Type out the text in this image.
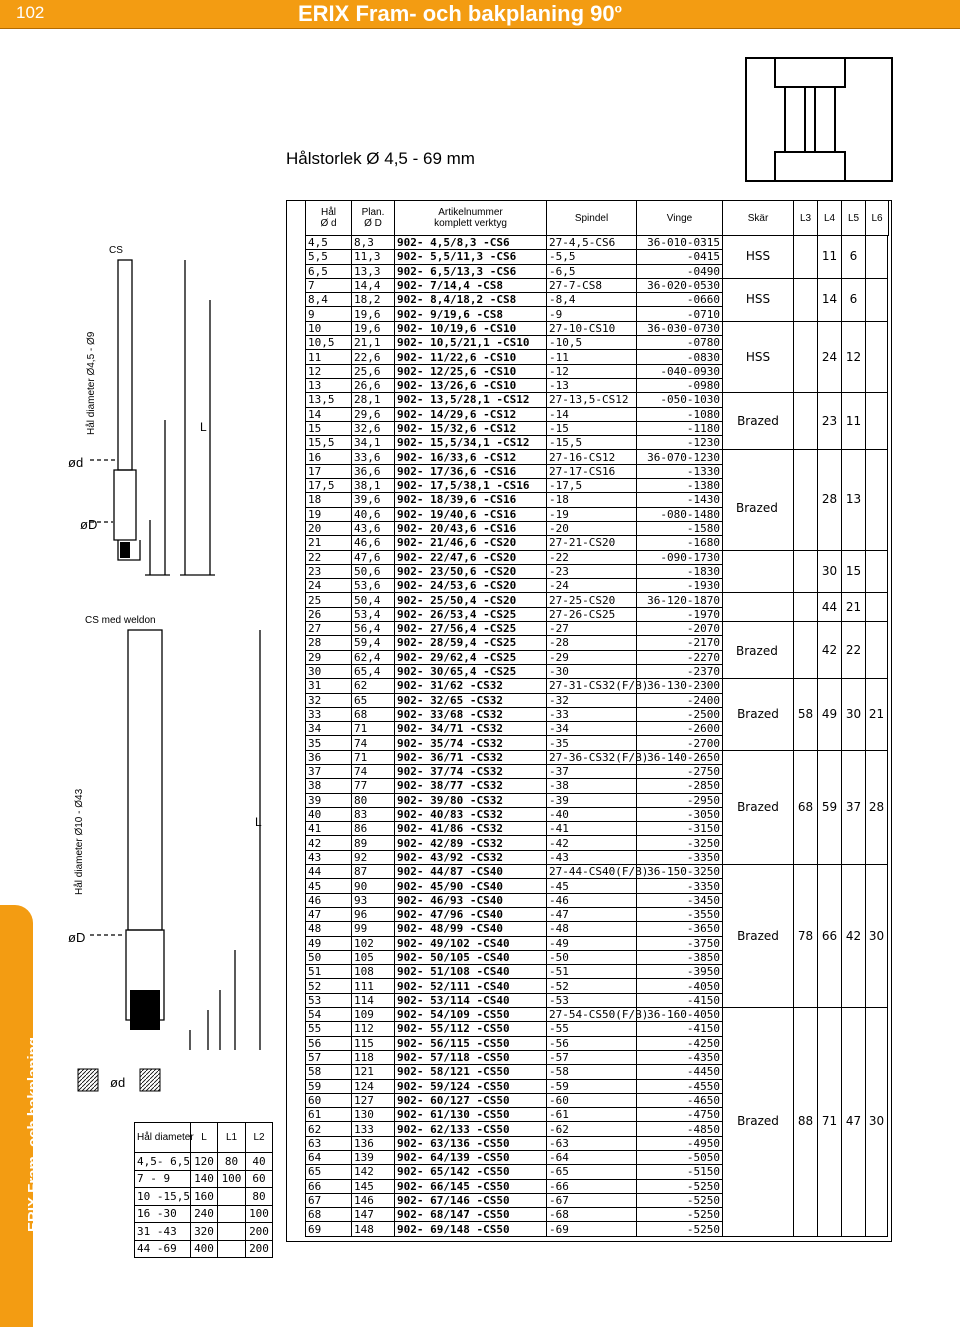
102	ERIX Fram- och bakplaning 90$^o$
ERIX Fram- och bakplaning
Hålstorlek Ø 4,5 - 69 mm
CS
Hål diameter Ø4,5 - Ø9
ød
øD
CS med weldon
Hål diameter Ø10 - Ø43
øD
ød
L
L
Hål diameter	L	L1	L2
4,5- 6,5	120	80	40
7 - 9	140	100	60
10 -15,5	160		80
16 -30	240		100
31 -43	320		200
44 -69	400		200
Hål
Ø d
Plan.
Ø D
Artikelnummer
komplett verktyg	Spindel	Vinge	Skär	L3	L4	L5	L6
4,5	8,3	902- 4,5/8,3 -CS6	27-4,5-CS6	36-010-0315	HSS		11	6	
5,5	11,3	902- 5,5/11,3 -CS6	-5,5	-0415					
6,5	13,3	902- 6,5/13,3 -CS6	-6,5	-0490					
7	14,4	902- 7/14,4 -CS8	27-7-CS8	36-020-0530	HSS		14	6	
8,4	18,2	902- 8,4/18,2 -CS8	-8,4	-0660					
9	19,6	902- 9/19,6 -CS8	-9	-0710					
10	19,6	902- 10/19,6 -CS10	27-10-CS10	36-030-0730	HSS		24	12	
10,5	21,1	902- 10,5/21,1 -CS10	-10,5	-0780					
11	22,6	902- 11/22,6 -CS10	-11	-0830					
12	25,6	902- 12/25,6 -CS10	-12	-040-0930					
13	26,6	902- 13/26,6 -CS10	-13	-0980					
13,5	28,1	902- 13,5/28,1 -CS12	27-13,5-CS12	-050-1030	Brazed		23	11	
14	29,6	902- 14/29,6 -CS12	-14	-1080					
15	32,6	902- 15/32,6 -CS12	-15	-1180					
15,5	34,1	902- 15,5/34,1 -CS12	-15,5	-1230					
16	33,6	902- 16/33,6 -CS12	27-16-CS12	36-070-1230			28	13	
17	36,6	902- 17/36,6 -CS16	27-17-CS16	-1330					
17,5	38,1	902- 17,5/38,1 -CS16	-17,5	-1380					
18	39,6	902- 18/39,6 -CS16	-18	-1430					
19	40,6	902- 19/40,6 -CS16	-19	-080-1480					
20	43,6	902- 20/43,6 -CS16	-20	-1580					
21	46,6	902- 21/46,6 -CS20	27-21-CS20	-1680					
22	47,6	902- 22/47,6 -CS20	-22	-090-1730			30	15	
23	50,6	902- 23/50,6 -CS20	-23	-1830					
24	53,6	902- 24/53,6 -CS20	-24	-1930					
25	50,4	902- 25/50,4 -CS20	27-25-CS20	36-120-1870			44	21	
26	53,4	902- 26/53,4 -CS25	27-26-CS25	-1970					
27	56,4	902- 27/56,4 -CS25	-27	-2070			42	22	
28	59,4	902- 28/59,4 -CS25	-28	-2170					
29	62,4	902- 29/62,4 -CS25	-29	-2270					
30	65,4	902- 30/65,4 -CS25	-30	-2370					
31	62	902- 31/62 -CS32	27-31-CS32(F/B)	36-130-2300	Brazed	58	49	30	21
32	65	902- 32/65 -CS32	-32	-2400					
33	68	902- 33/68 -CS32	-33	-2500					
34	71	902- 34/71 -CS32	-34	-2600					
35	74	902- 35/74 -CS32	-35	-2700					
36	71	902- 36/71 -CS32	27-36-CS32(F/B)	36-140-2650	Brazed	68	59	37	28
37	74	902- 37/74 -CS32	-37	-2750					
38	77	902- 38/77 -CS32	-38	-2850					
39	80	902- 39/80 -CS32	-39	-2950					
40	83	902- 40/83 -CS32	-40	-3050					
41	86	902- 41/86 -CS32	-41	-3150					
42	89	902- 42/89 -CS32	-42	-3250					
43	92	902- 43/92 -CS32	-43	-3350					
44	87	902- 44/87 -CS40	27-44-CS40(F/B)	36-150-3250	Brazed	78	66	42	30
45	90	902- 45/90 -CS40	-45	-3350					
46	93	902- 46/93 -CS40	-46	-3450					
47	96	902- 47/96 -CS40	-47	-3550					
48	99	902- 48/99 -CS40	-48	-3650					
49	102	902- 49/102 -CS40	-49	-3750					
50	105	902- 50/105 -CS40	-50	-3850					
51	108	902- 51/108 -CS40	-51	-3950					
52	111	902- 52/111 -CS40	-52	-4050					
53	114	902- 53/114 -CS40	-53	-4150					
54	109	902- 54/109 -CS50	27-54-CS50(F/B)	36-160-4050	Brazed	88	71	47	30
55	112	902- 55/112 -CS50	-55	-4150					
56	115	902- 56/115 -CS50	-56	-4250					
57	118	902- 57/118 -CS50	-57	-4350					
58	121	902- 58/121 -CS50	-58	-4450					
59	124	902- 59/124 -CS50	-59	-4550					
60	127	902- 60/127 -CS50	-60	-4650					
61	130	902- 61/130 -CS50	-61	-4750					
62	133	902- 62/133 -CS50	-62	-4850					
63	136	902- 63/136 -CS50	-63	-4950					
64	139	902- 64/139 -CS50	-64	-5050					
65	142	902- 65/142 -CS50	-65	-5150					
66	145	902- 66/145 -CS50	-66	-5250					
67	146	902- 67/146 -CS50	-67	-5250					
68	147	902- 68/147 -CS50	-68	-5250					
69	148	902- 69/148 -CS50	-69	-5250					
Brazed
Brazed
